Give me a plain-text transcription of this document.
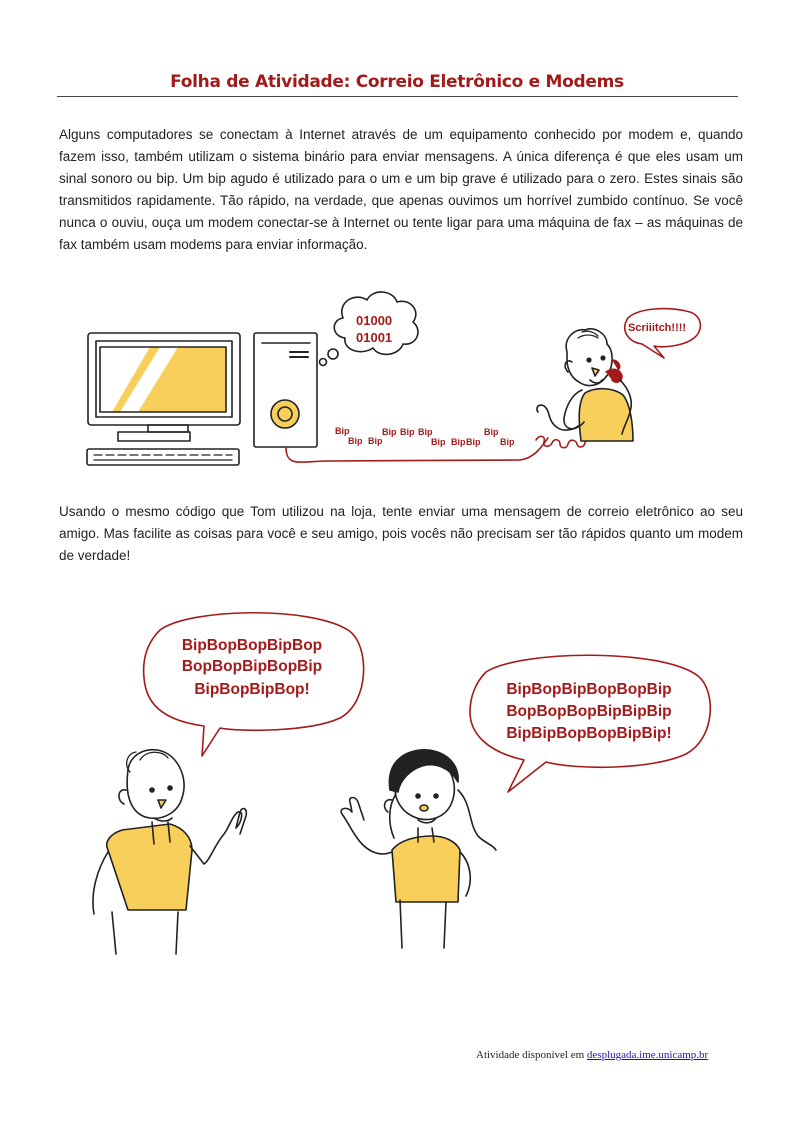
Folha de Atividade: Correio Eletrônico e Modems
Alguns computadores se conectam à Internet através de um equipamento conhecido por modem e, quando fazem isso, também utilizam o sistema binário para enviar mensagens. A única diferença é que eles usam um sinal sonoro ou bip. Um bip agudo é utilizado para o um e um bip grave é utilizado para o zero. Estes sinais são transmitidos rapidamente. Tão rápido, na verdade, que apenas ouvimos um horrível zumbido contínuo. Se você nunca o ouviu, ouça um modem conectar-se à Internet ou tente ligar para uma máquina de fax – as máquinas de fax também usam modems para enviar informação.
01000
01001
Scriiitch!!!!
Bip
Bip Bip
Bip Bip Bip
Bip Bip Bip
Bip
Bip
BipBopBopBipBop
BopBopBipBopBip
BipBopBipBop!	BipBopBipBopBopBip
BopBopBopBipBipBip
BipBipBopBopBipBip!
Usando o mesmo código que Tom utilizou na loja, tente enviar uma mensagem de correio eletrônico ao seu amigo. Mas facilite as coisas para você e seu amigo, pois vocês não precisam ser tão rápidos quanto um modem de verdade!
Atividade disponível em desplugada.ime.unicamp.br
